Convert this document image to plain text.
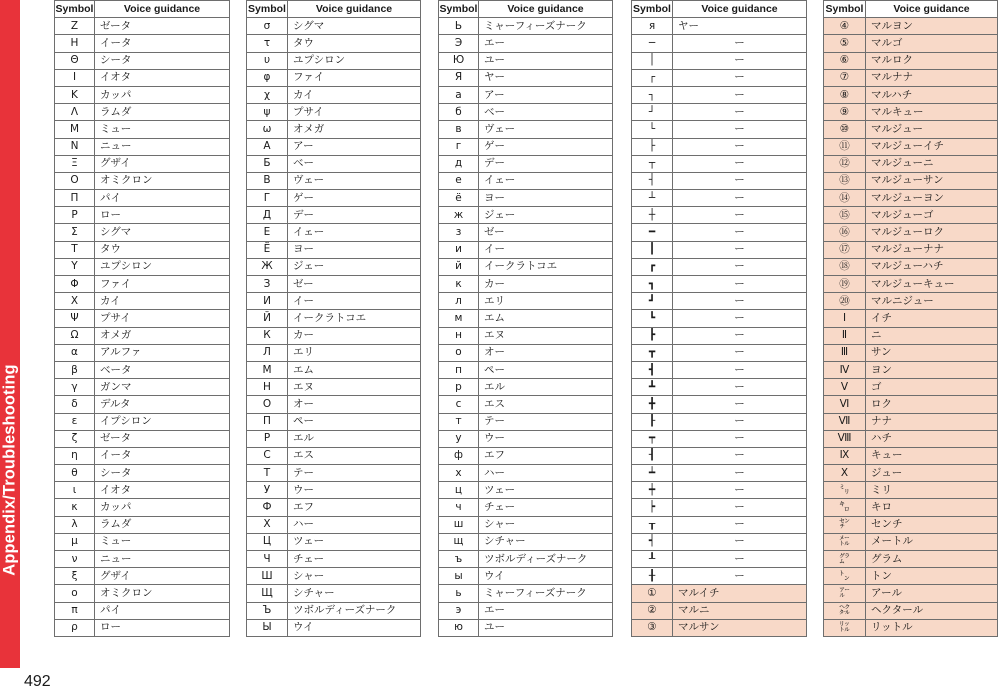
Appendix/Troubleshooting
492
Symbol	Voice guidance
Ζ	ゼータ
Η	イータ
Θ	シータ
Ι	イオタ
Κ	カッパ
Λ	ラムダ
Μ	ミュー
Ν	ニュー
Ξ	グザイ
Ο	オミクロン
Π	パイ
Ρ	ロー
Σ	シグマ
Τ	タウ
Υ	ユプシロン
Φ	ファイ
Χ	カイ
Ψ	プサイ
Ω	オメガ
α	アルファ
β	ベータ
γ	ガンマ
δ	デルタ
ε	イプシロン
ζ	ゼータ
η	イータ
θ	シータ
ι	イオタ
κ	カッパ
λ	ラムダ
μ	ミュー
ν	ニュー
ξ	グザイ
ο	オミクロン
π	パイ
ρ	ロー
Symbol	Voice guidance
σ	シグマ
τ	タウ
υ	ユプシロン
φ	ファイ
χ	カイ
ψ	プサイ
ω	オメガ
А	アー
Б	ベー
В	ヴェー
Г	ゲー
Д	デー
Е	イェー
Ё	ヨー
Ж	ジェー
З	ゼー
И	イー
Й	イークラトコエ
К	カー
Л	エリ
М	エム
Н	エヌ
О	オー
П	ペー
Р	エル
С	エス
Т	テー
У	ウー
Ф	エフ
Х	ハー
Ц	ツェー
Ч	チェー
Ш	シャー
Щ	シチャー
Ъ	ツボルディーズナーク
Ы	ウイ
Symbol	Voice guidance
Ь	ミャーフィーズナーク
Э	エー
Ю	ユー
Я	ヤー
а	アー
б	ベー
в	ヴェー
г	ゲー
д	デー
е	イェー
ё	ヨー
ж	ジェー
з	ゼー
и	イー
й	イークラトコエ
к	カー
л	エリ
м	エム
н	エヌ
о	オー
п	ペー
р	エル
с	エス
т	テー
у	ウー
ф	エフ
х	ハー
ц	ツェー
ч	チェー
ш	シャー
щ	シチャー
ъ	ツボルディーズナーク
ы	ウイ
ь	ミャーフィーズナーク
э	エー
ю	ユー
Symbol	Voice guidance
я	ヤー
─	ー
│	ー
┌	ー
┐	ー
┘	ー
└	ー
├	ー
┬	ー
┤	ー
┴	ー
┼	ー
━	ー
┃	ー
┏	ー
┓	ー
┛	ー
┗	ー
┣	ー
┳	ー
┫	ー
┻	ー
╋	ー
┠	ー
┯	ー
┨	ー
┷	ー
┿	ー
┝	ー
┰	ー
┥	ー
┸	ー
╂	ー
①	マルイチ
②	マルニ
③	マルサン
Symbol	Voice guidance
④	マルヨン
⑤	マルゴ
⑥	マルロク
⑦	マルナナ
⑧	マルハチ
⑨	マルキュー
⑩	マルジュー
⑪	マルジューイチ
⑫	マルジューニ
⑬	マルジューサン
⑭	マルジューヨン
⑮	マルジューゴ
⑯	マルジューロク
⑰	マルジューナナ
⑱	マルジューハチ
⑲	マルジューキュー
⑳	マルニジュー
Ⅰ	イチ
Ⅱ	ニ
Ⅲ	サン
Ⅳ	ヨン
Ⅴ	ゴ
Ⅵ	ロク
Ⅶ	ナナ
Ⅷ	ハチ
Ⅸ	キュー
Ⅹ	ジュー
㍉	ミリ
㌔	キロ
㌢	センチ
㍍	メートル
㌘	グラム
㌧	トン
㌃	アール
㌶	ヘクタール
㍑	リットル
